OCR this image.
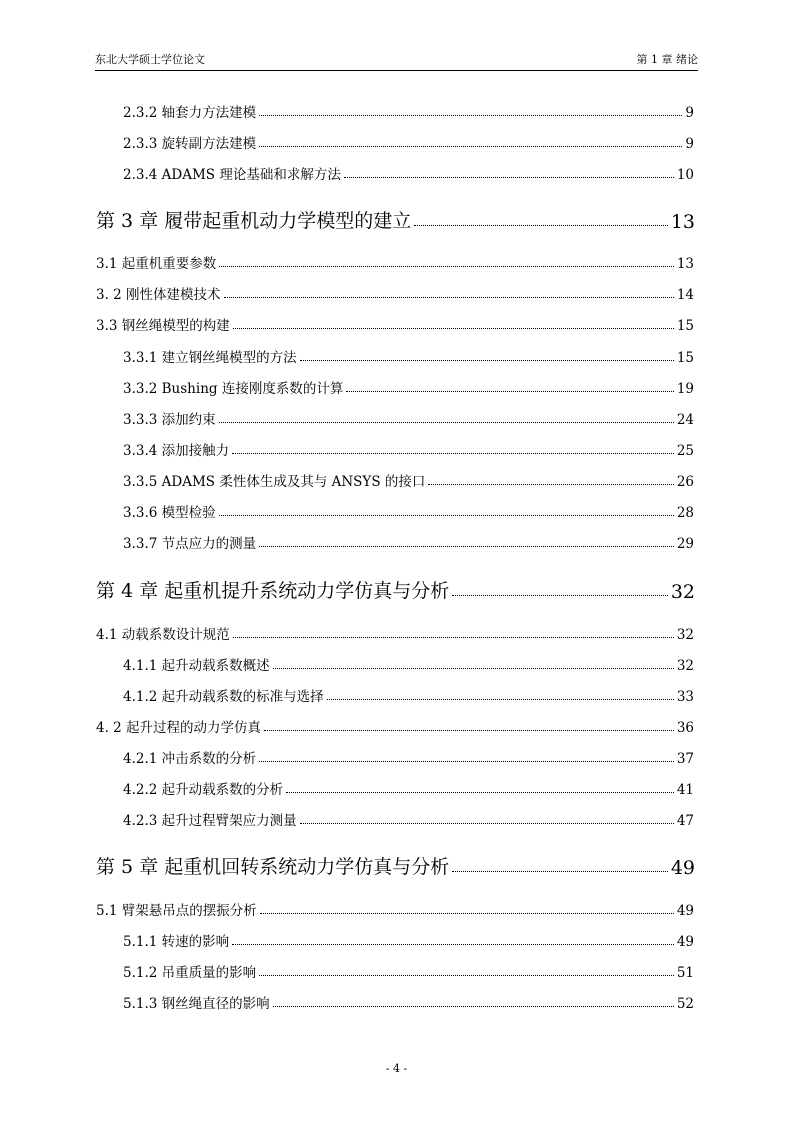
东北大学硕士学位论文	第 1 章 绪论
2.3.2 轴套力方法建模	9
2.3.3 旋转副方法建模	9
2.3.4 ADAMS 理论基础和求解方法	10
第 3 章 履带起重机动力学模型的建立	13
3.1 起重机重要参数	13
3. 2 刚性体建模技术	14
3.3 钢丝绳模型的构建	15
3.3.1 建立钢丝绳模型的方法	15
3.3.2 Bushing 连接刚度系数的计算	19
3.3.3 添加约束	24
3.3.4 添加接触力	25
3.3.5 ADAMS 柔性体生成及其与 ANSYS 的接口	26
3.3.6 模型检验	28
3.3.7 节点应力的测量	29
第 4 章 起重机提升系统动力学仿真与分析	32
4.1 动载系数设计规范	32
4.1.1 起升动载系数概述	32
4.1.2 起升动载系数的标准与选择	33
4. 2 起升过程的动力学仿真	36
4.2.1 冲击系数的分析	37
4.2.2 起升动载系数的分析	41
4.2.3 起升过程臂架应力测量	47
第 5 章 起重机回转系统动力学仿真与分析	49
5.1 臂架悬吊点的摆振分析	49
5.1.1 转速的影响	49
5.1.2 吊重质量的影响	51
5.1.3 钢丝绳直径的影响	52
- 4 -
